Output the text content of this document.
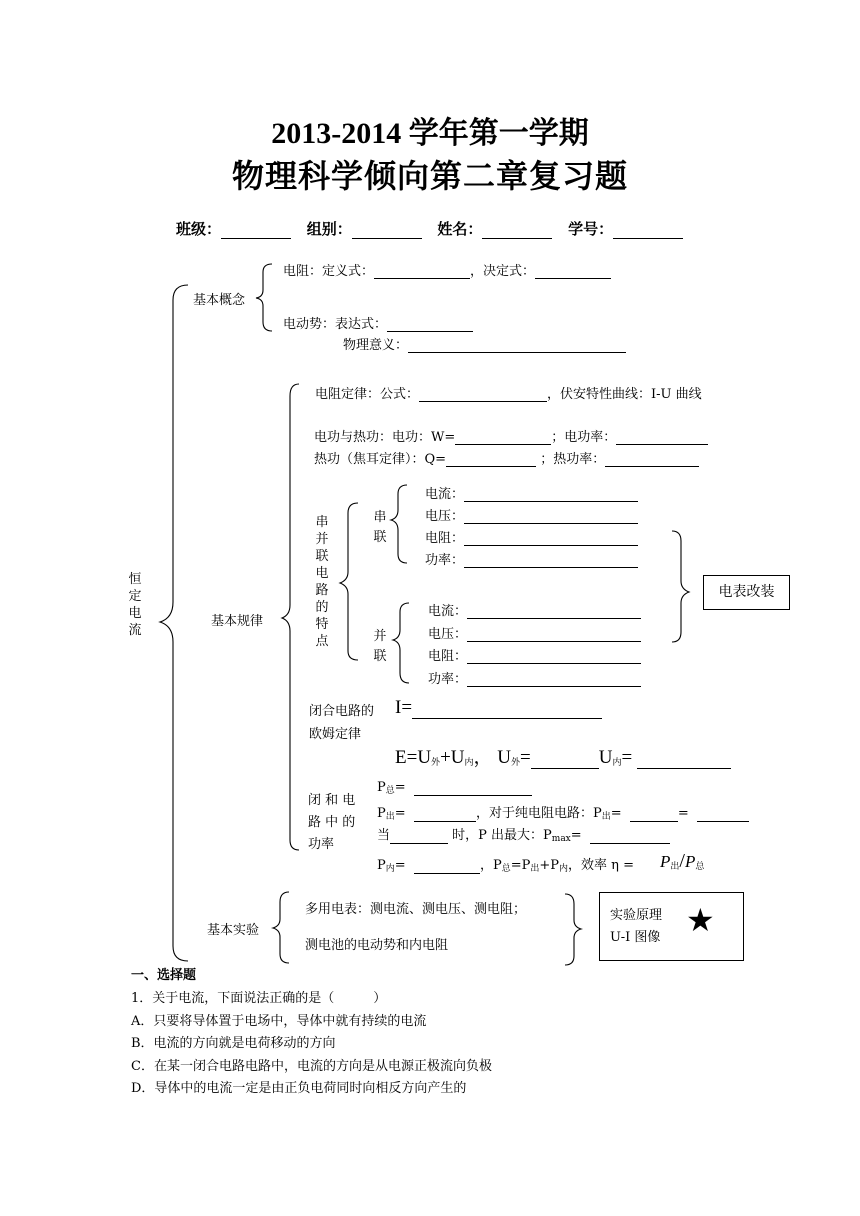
2013-2014 学年第一学期
物理科学倾向第二章复习题
班级：	组别：	姓名：	学号：
恒定电流
基本概念
电阻：定义式：	，决定式：
电动势：表达式：
物理意义：
基本规律
电阻定律：公式：	，伏安特性曲线：I-U 曲线
电功与热功：电功：W=	；电功率：
热功（焦耳定律）：Q=	；热功率：
串并联电路的特点
串联
并联
电流：
电压：
电阻：
功率：
电流：
电压：
电阻：
功率：
电表改装
闭合电路的
欧姆定律
I=
$E=U_外+U_内$， $U_外=$	$U_内=$
闭 和 电
路 中 的
功率
$P_总=$
$P_出=$	，对于纯电阻电路：$P_出=$	=
当	时，P 出最大：$P_{max}=$
$P_内=$	，$P_总=P_出+P_内$，效率 $\eta = P_出/P_总$
基本实验
多用电表：测电流、测电压、测电阻；
测电池的电动势和内电阻
实验原理
U-I 图像 ★
一、选择题
1．关于电流，下面说法正确的是（　　　）
A．只要将导体置于电场中，导体中就有持续的电流
B．电流的方向就是电荷移动的方向
C．在某一闭合电路电路中，电流的方向是从电源正极流向负极
D．导体中的电流一定是由正负电荷同时向相反方向产生的
